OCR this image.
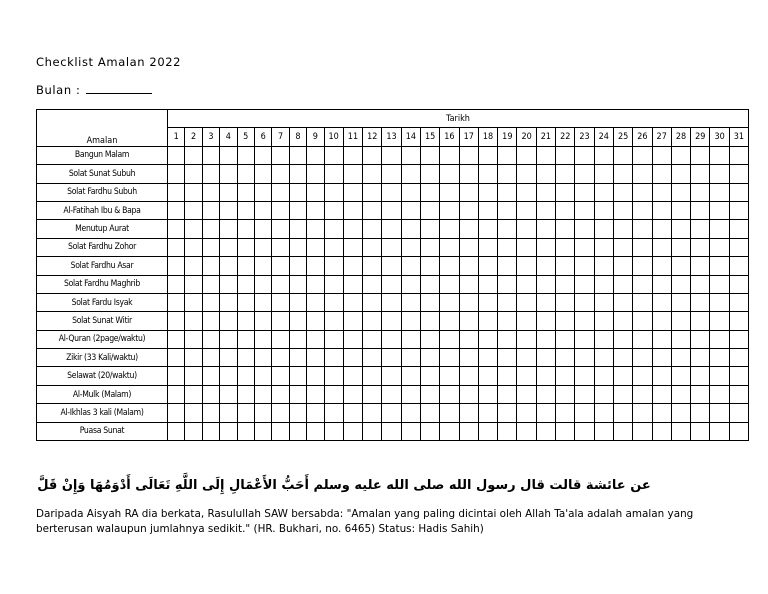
Checklist Amalan 2022
Bulan :
Amalan	Tarikh																														
	1	2	3	4	5	6	7	8	9	10	11	12	13	14	15	16	17	18	19	20	21	22	23	24	25	26	27	28	29	30	31
Bangun Malam																															
Solat Sunat Subuh																															
Solat Fardhu Subuh																															
Al-Fatihah Ibu & Bapa																															
Menutup Aurat																															
Solat Fardhu Zohor																															
Solat Fardhu Asar																															
Solat Fardhu Maghrib																															
Solat Fardu Isyak																															
Solat Sunat Witir																															
Al-Quran (2page/waktu)																															
Zikir (33 Kali/waktu)																															
Selawat (20/waktu)																															
Al-Mulk (Malam)																															
Al-Ikhlas 3 kali (Malam)																															
Puasa Sunat																															
عن عائشة قالت قال رسول الله صلى الله عليه وسلم أَحَبُّ الأَعْمَالِ إِلَى اللَّهِ تَعَالَى أَدْوَمُهَا وَإِنْ قَلَّ
Daripada Aisyah RA dia berkata, Rasulullah SAW bersabda: "Amalan yang paling dicintai oleh Allah Ta'ala adalah amalan yang berterusan walaupun jumlahnya sedikit." (HR. Bukhari, no. 6465) Status: Hadis Sahih)
